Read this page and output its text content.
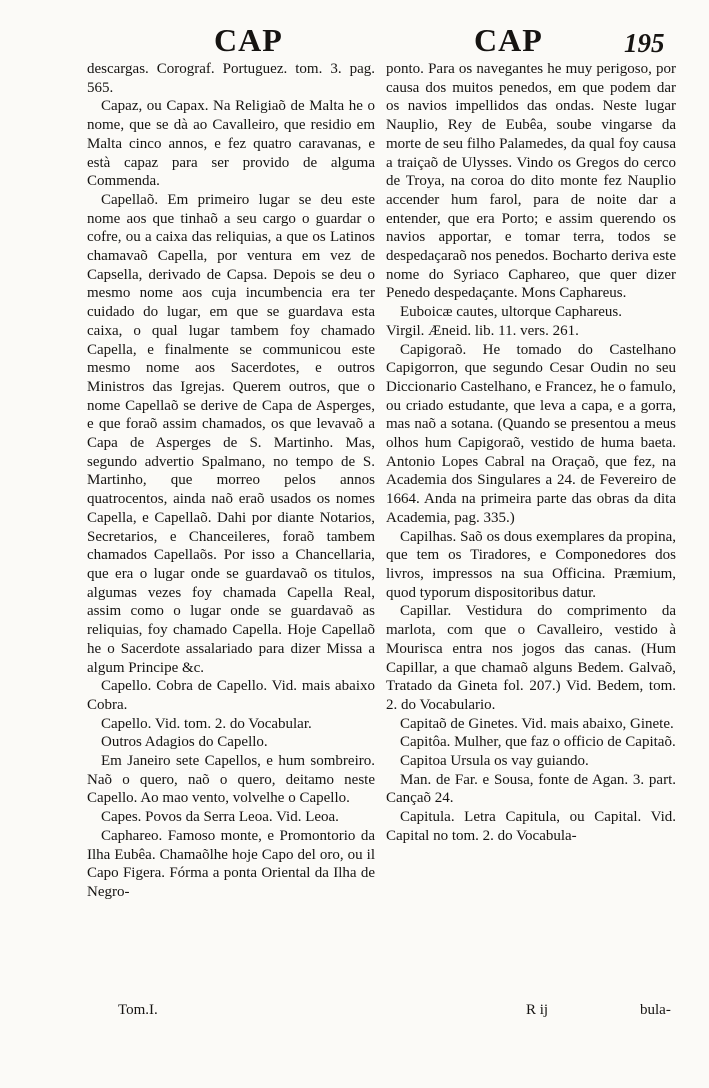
CAP	CAP	195

descargas. Corograf. Portuguez. tom. 3. pag. 565.

Capaz, ou Capax. Na Religiaõ de Malta he o nome, que se dà ao Cavalleiro, que residio em Malta cinco annos, e fez quatro caravanas, e està capaz para ser provido de alguma Commenda.

Capellaõ. Em primeiro lugar se deu este nome aos que tinhaõ a seu cargo o guardar o cofre, ou a caixa das reliquias, a que os Latinos chamavaõ Capella, por ventura em vez de Capsella, derivado de Capsa. Depois se deu o mesmo nome aos cuja incumbencia era ter cuidado do lugar, em que se guardava esta caixa, o qual lugar tambem foy chamado Capella, e finalmente se communicou este mesmo nome aos Sacerdotes, e outros Ministros das Igrejas. Querem outros, que o nome Capellaõ se derive de Capa de Asperges, e que foraõ assim chamados, os que levavaõ a Capa de Asperges de S. Martinho. Mas, segundo advertio Spalmano, no tempo de S. Martinho, que morreo pelos annos quatrocentos, ainda naõ eraõ usados os nomes Capella, e Capellaõ. Dahi por diante Notarios, Secretarios, e Chanceileres, foraõ tambem chamados Capellaõs. Por isso a Chancellaria, que era o lugar onde se guardavaõ os titulos, algumas vezes foy chamada Capella Real, assim como o lugar onde se guardavaõ as reliquias, foy chamado Capella. Hoje Capellaõ he o Sacerdote assalariado para dizer Missa a algum Principe &c.

Capello. Cobra de Capello. Vid. mais abaixo Cobra.

Capello. Vid. tom. 2. do Vocabular.

Outros Adagios do Capello.

Em Janeiro sete Capellos, e hum sombreiro. Naõ o quero, naõ o quero, deitamo neste Capello. Ao mao vento, volvelhe o Capello.

Capes. Povos da Serra Leoa. Vid. Leoa.

Caphareo. Famoso monte, e Promontorio da Ilha Eubêa. Chamaõlhe hoje Capo del oro, ou il Capo Figera. Fórma a ponta Oriental da Ilha de Negro-

ponto. Para os navegantes he muy perigoso, por causa dos muitos penedos, em que podem dar os navios impellidos das ondas. Neste lugar Nauplio, Rey de Eubêa, soube vingarse da morte de seu filho Palamedes, da qual foy causa a traiçaõ de Ulysses. Vindo os Gregos do cerco de Troya, na coroa do dito monte fez Nauplio accender hum farol, para de noite dar a entender, que era Porto; e assim querendo os navios apportar, e tomar terra, todos se despedaçaraõ nos penedos. Bocharto deriva este nome do Syriaco Caphareo, que quer dizer Penedo despedaçante. Mons Caphareus.

Euboicæ cautes, ultorque Caphareus.

Virgil. Æneid. lib. 11. vers. 261.

Capigoraõ. He tomado do Castelhano Capigorron, que segundo Cesar Oudin no seu Diccionario Castelhano, e Francez, he o famulo, ou criado estudante, que leva a capa, e a gorra, mas naõ a sotana. (Quando se presentou a meus olhos hum Capigoraõ, vestido de huma baeta. Antonio Lopes Cabral na Oraçaõ, que fez, na Academia dos Singulares a 24. de Fevereiro de 1664. Anda na primeira parte das obras da dita Academia, pag. 335.)

Capilhas. Saõ os dous exemplares da propina, que tem os Tiradores, e Componedores dos livros, impressos na sua Officina. Præmium, quod typorum dispositoribus datur.

Capillar. Vestidura do comprimento da marlota, com que o Cavalleiro, vestido à Mourisca entra nos jogos das canas. (Hum Capillar, a que chamaõ alguns Bedem. Galvaõ, Tratado da Gineta fol. 207.) Vid. Bedem, tom. 2. do Vocabulario.

Capitaõ de Ginetes. Vid. mais abaixo, Ginete.

Capitôa. Mulher, que faz o officio de Capitaõ.

Capitoa Ursula os vay guiando.

Man. de Far. e Sousa, fonte de Agan. 3. part. Cançaõ 24.

Capitula. Letra Capitula, ou Capital. Vid. Capital no tom. 2. do Vocabula-

Tom.I.	R ij	bula-
